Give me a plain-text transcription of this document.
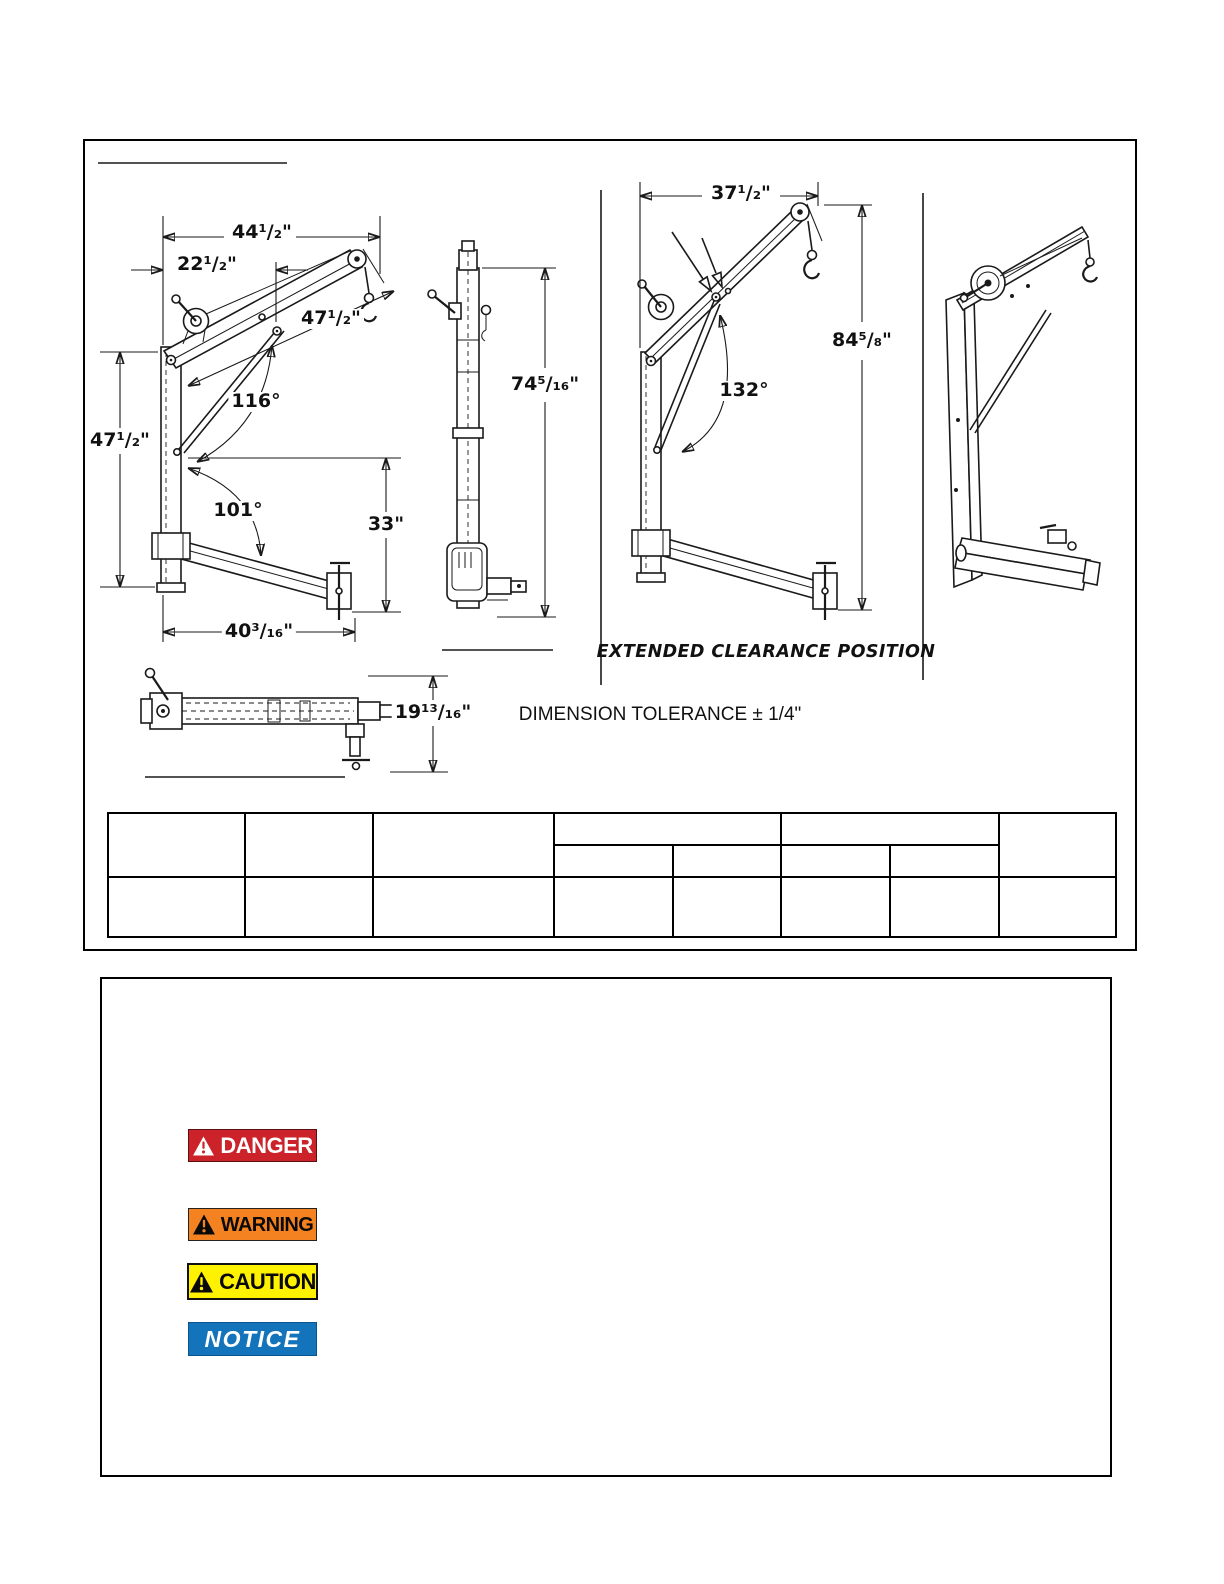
44¹/₂"
22¹/₂"
47¹/₂"
116°
47¹/₂"
101°
33"
40³/₁₆"
74⁵/₁₆"
37¹/₂"
84⁵/₈"
132°
19¹³/₁₆"
EXTENDED CLEARANCE POSITION
DIMENSION TOLERANCE ± 1/4"

DANGER
WARNING
CAUTION
NOTICE
